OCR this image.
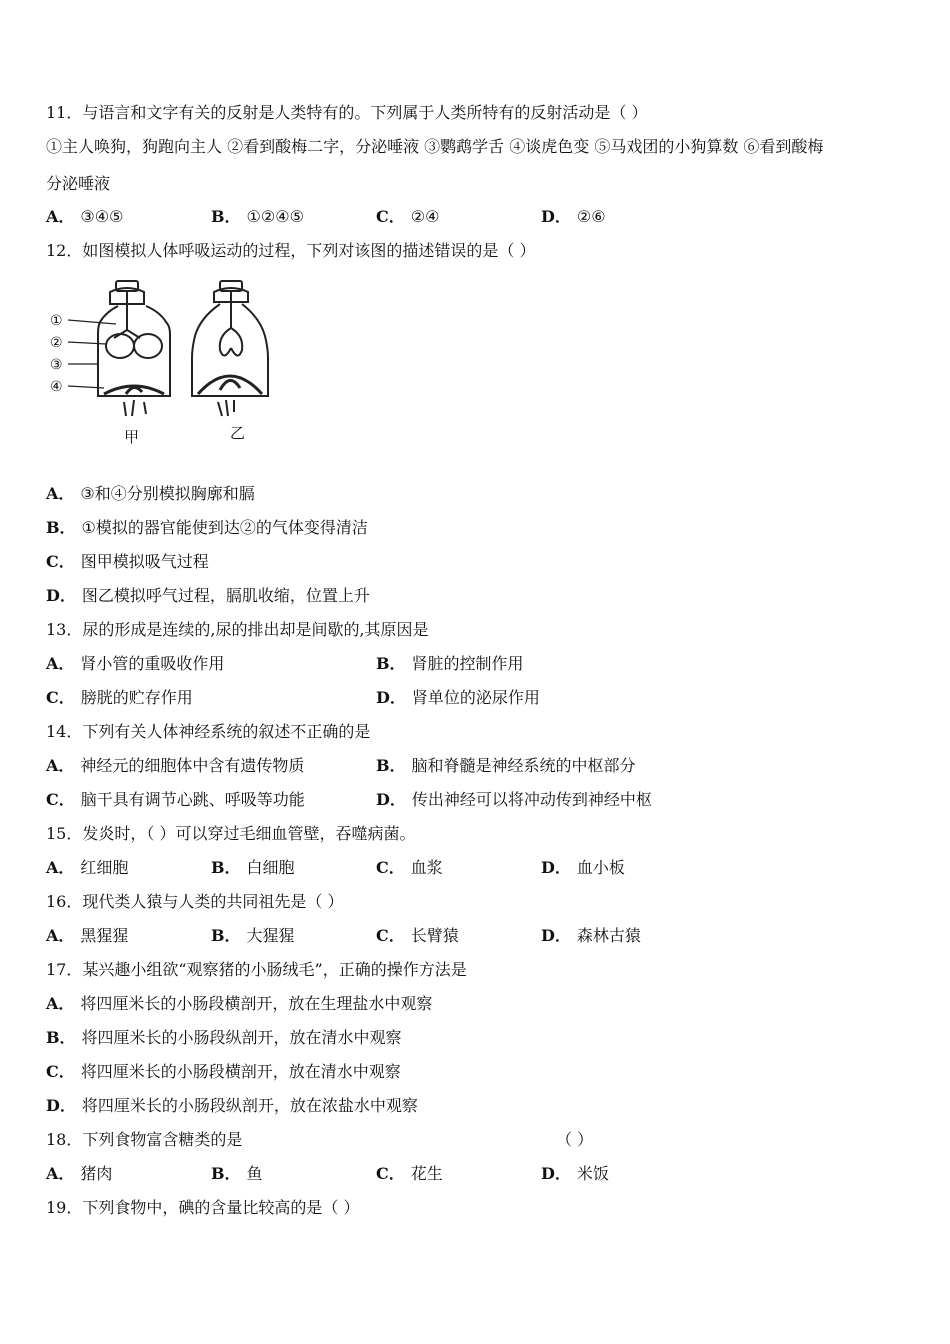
11．与语言和文字有关的反射是人类特有的。下列属于人类所特有的反射活动是（ ）
①主人唤狗，狗跑向主人 ②看到酸梅二字，分泌唾液 ③鹦鹉学舌 ④谈虎色变 ⑤马戏团的小狗算数 ⑥看到酸梅
分泌唾液
A． ③④⑤	B． ①②④⑤	C． ②④	D． ②⑥
12．如图模拟人体呼吸运动的过程，下列对该图的描述错误的是（ ）
①
②
③
④
甲	乙
A． ③和④分别模拟胸廓和膈
B． ①模拟的器官能使到达②的气体变得清洁
C． 图甲模拟吸气过程
D． 图乙模拟呼气过程，膈肌收缩，位置上升
13．尿的形成是连续的,尿的排出却是间歇的,其原因是
A． 肾小管的重吸收作用	B． 肾脏的控制作用
C． 膀胱的贮存作用	D． 肾单位的泌尿作用
14．下列有关人体神经系统的叙述不正确的是
A． 神经元的细胞体中含有遗传物质	B． 脑和脊髓是神经系统的中枢部分
C． 脑干具有调节心跳、呼吸等功能	D． 传出神经可以将冲动传到神经中枢
15．发炎时，（ ）可以穿过毛细血管壁，吞噬病菌。
A． 红细胞	B． 白细胞	C． 血浆	D． 血小板
16．现代类人猿与人类的共同祖先是（ ）
A． 黑猩猩	B． 大猩猩	C． 长臂猿	D． 森林古猿
17．某兴趣小组欲“观察猪的小肠绒毛”，正确的操作方法是
A． 将四厘米长的小肠段横剖开，放在生理盐水中观察
B． 将四厘米长的小肠段纵剖开，放在清水中观察
C． 将四厘米长的小肠段横剖开，放在清水中观察
D． 将四厘米长的小肠段纵剖开，放在浓盐水中观察
18．下列食物富含糖类的是	（ ）
A． 猪肉	B． 鱼	C． 花生	D． 米饭
19．下列食物中，碘的含量比较高的是（ ）
